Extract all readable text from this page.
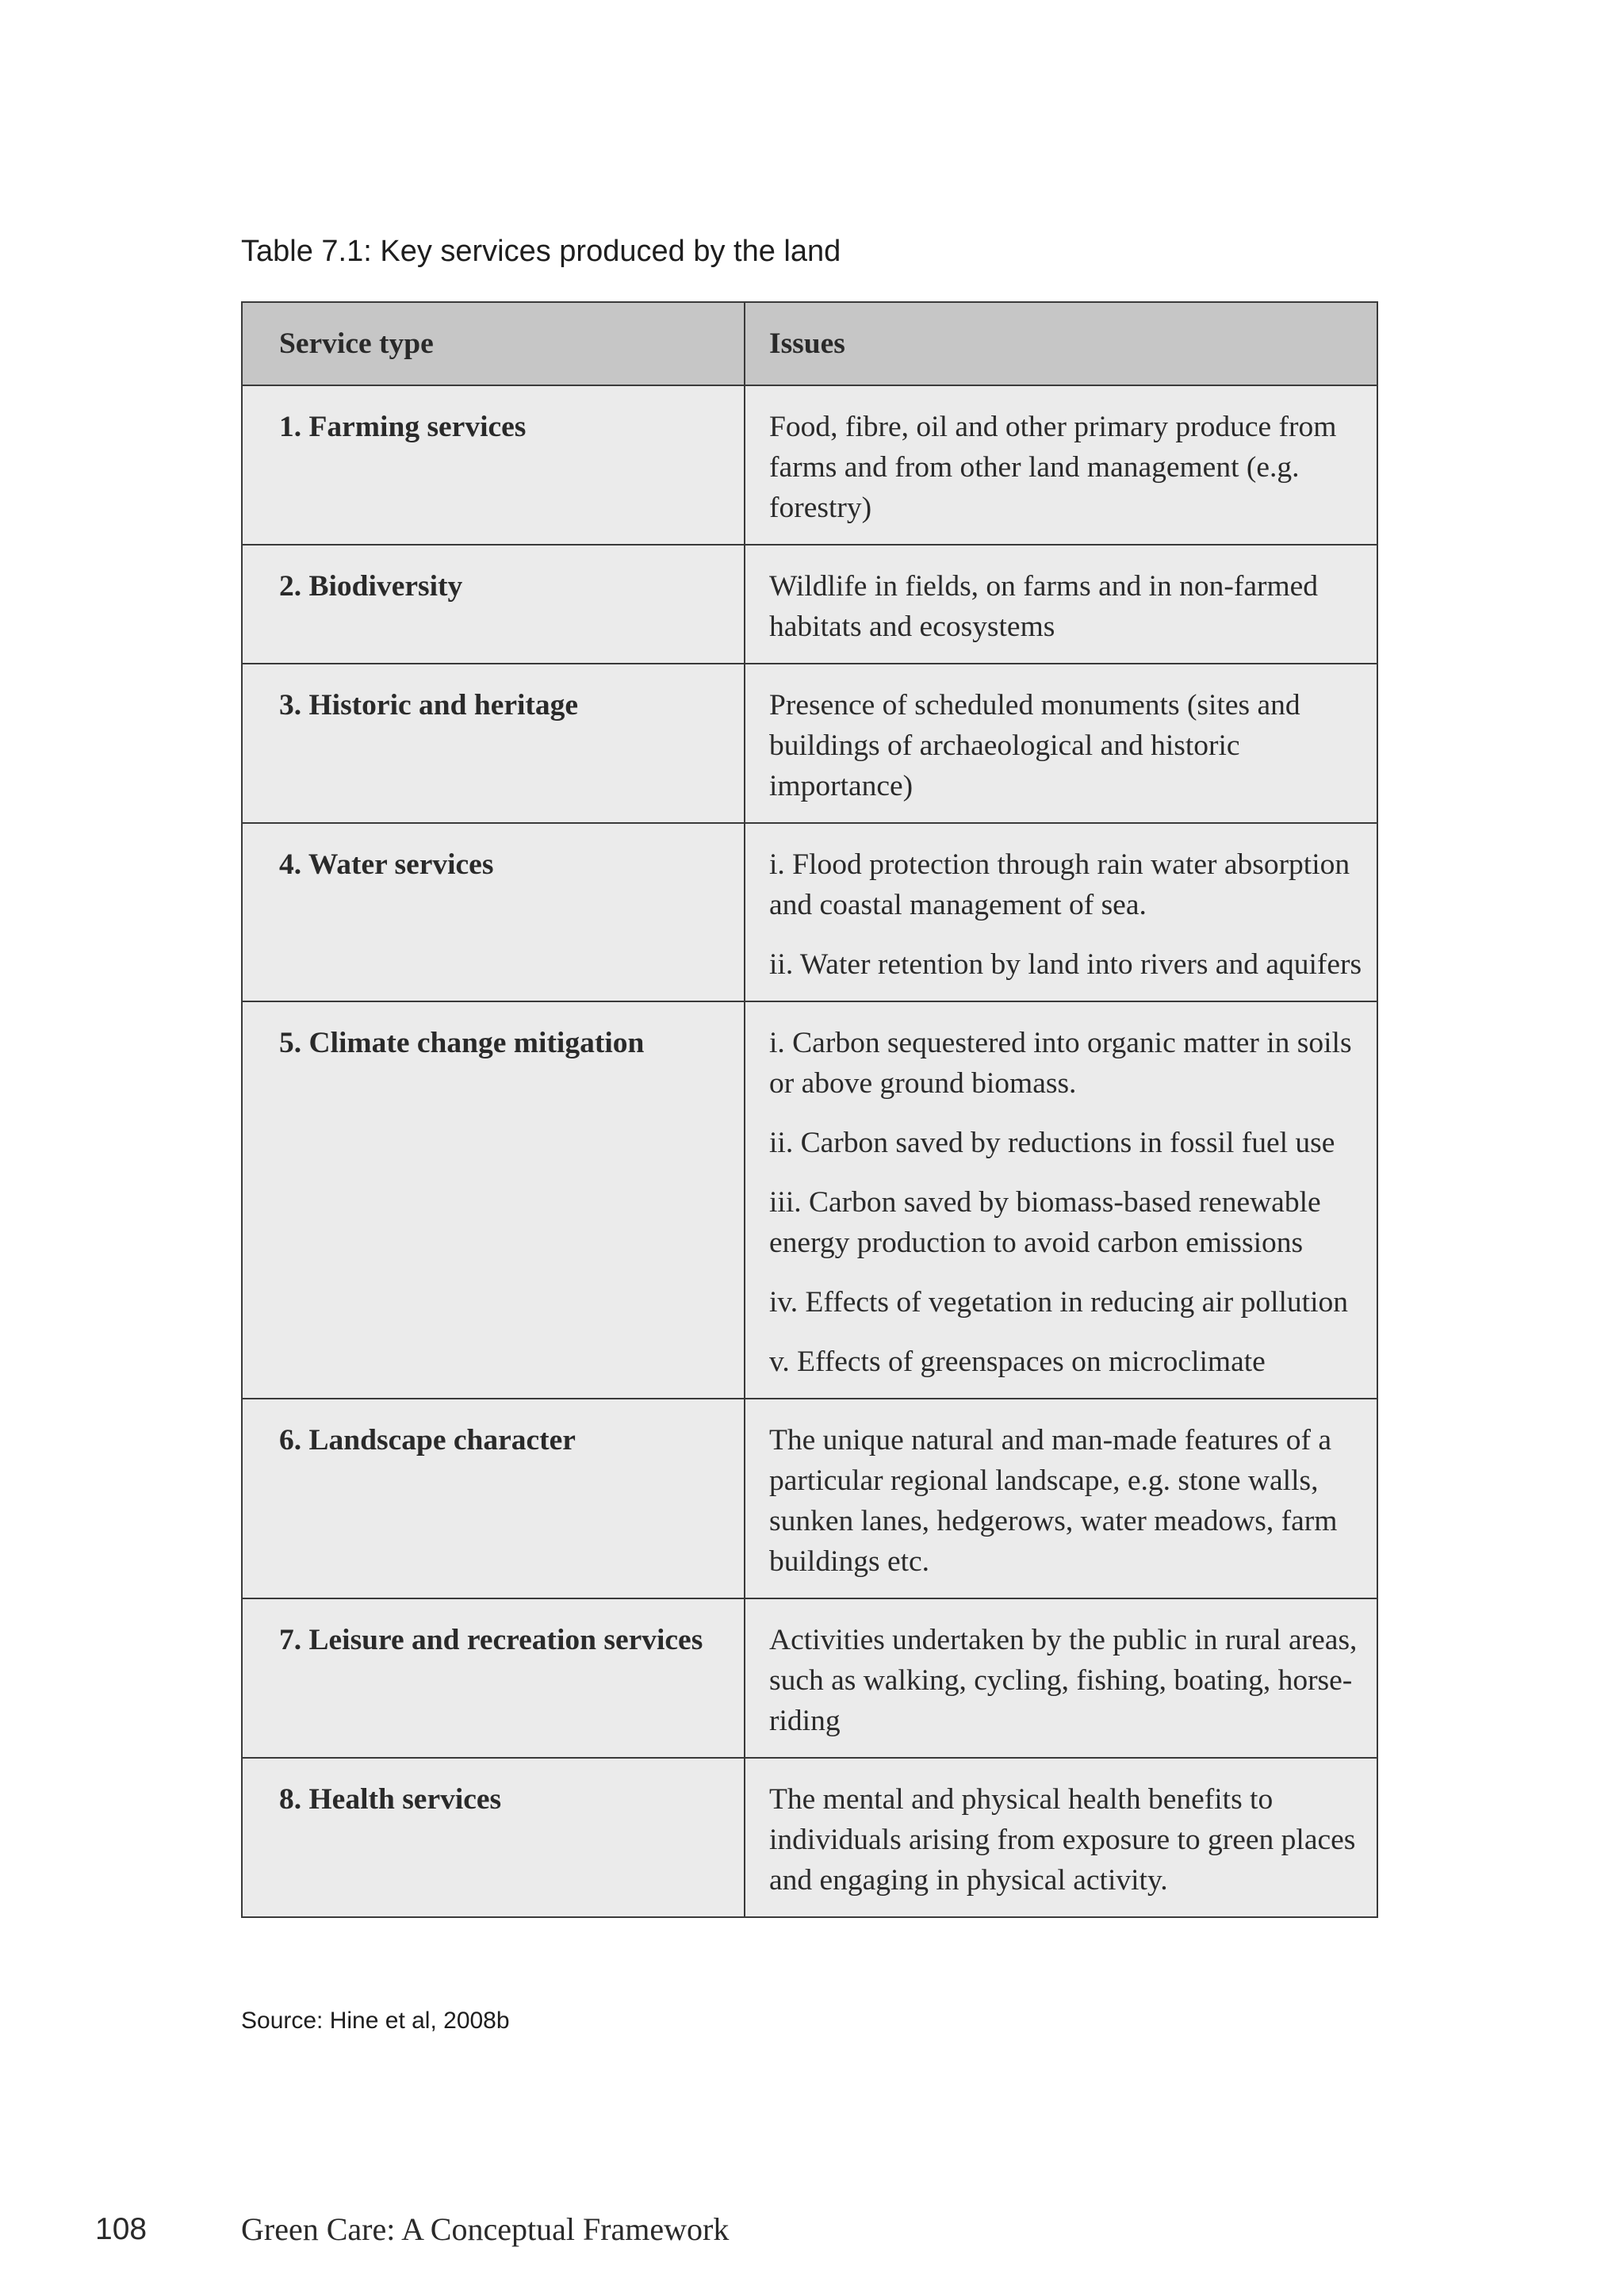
Table 7.1: Key services produced by the land
Service type	Issues
1. Farming services	Food, fibre, oil and other primary produce from farms and from other land management (e.g. forestry)

2. Biodiversity	Wildlife in fields, on farms and in non-farmed habitats and ecosystems

3. Historic and heritage	Presence of scheduled monuments (sites and buildings of archaeological and historic importance)

4. Water services	i. Flood protection through rain water absorption and coastal management of sea.
ii. Water retention by land into rivers and aquifers

5. Climate change mitigation	i. Carbon sequestered into organic matter in soils or above ground biomass.
ii. Carbon saved by reductions in fossil fuel use
iii. Carbon saved by biomass-based renewable energy production to avoid carbon emissions
iv. Effects of vegetation in reducing air pollution
v. Effects of greenspaces on microclimate

6. Landscape character	The unique natural and man-made features of a particular regional landscape, e.g. stone walls, sunken lanes, hedgerows, water meadows, farm buildings etc.

7. Leisure and recreation services	Activities undertaken by the public in rural areas, such as walking, cycling, fishing, boating, horse-riding

8. Health services	The mental and physical health benefits to individuals arising from exposure to green places and engaging in physical activity.
Source: Hine et al, 2008b
108	Green Care: A Conceptual Framework
